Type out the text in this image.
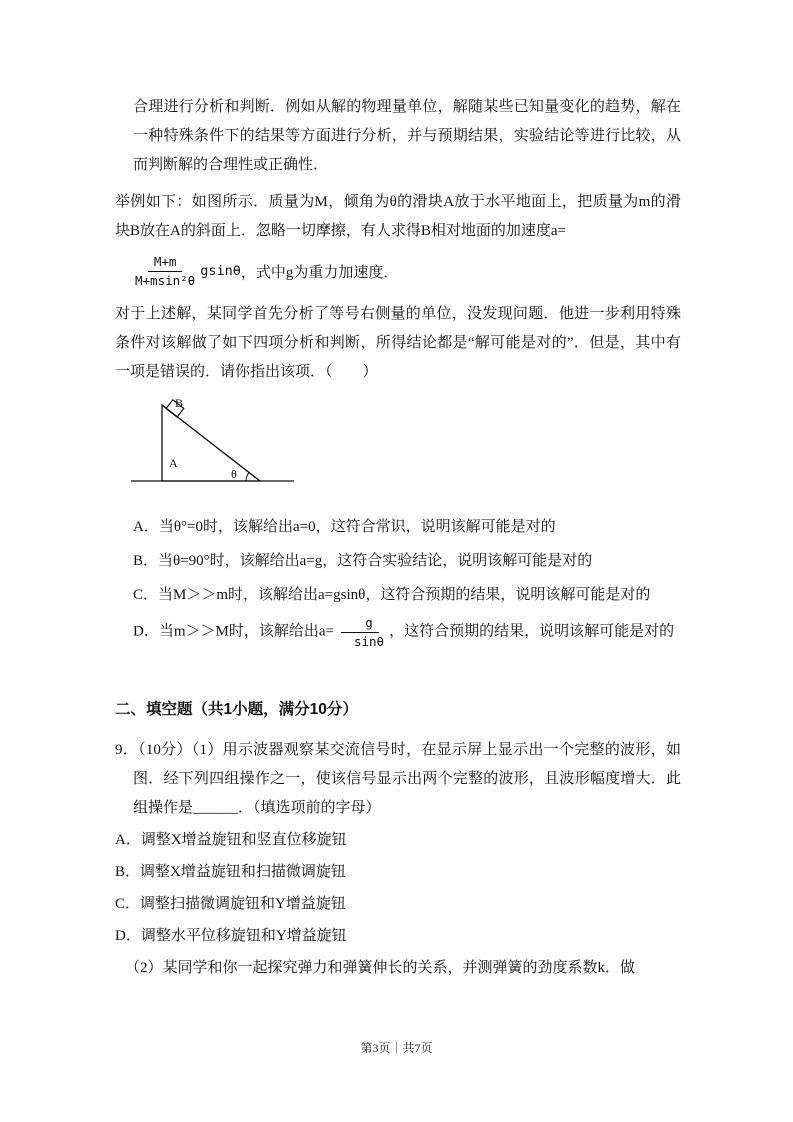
合理进行分析和判断．例如从解的物理量单位，解随某些已知量变化的趋势，解在一种特殊条件下的结果等方面进行分析，并与预期结果，实验结论等进行比较，从而判断解的合理性或正确性．

举例如下：如图所示．质量为M，倾角为θ的滑块A放于水平地面上，把质量为m的滑块B放在A的斜面上．忽略一切摩擦，有人求得B相对地面的加速度a=

$\frac{M+m}{\text{M+msin²θ}}$ gsinθ ，式中g为重力加速度．

对于上述解，某同学首先分析了等号右侧量的单位，没发现问题．他进一步利用特殊条件对该解做了如下四项分析和判断，所得结论都是“解可能是对的”．但是，其中有一项是错误的．请你指出该项．（　　）

B
A
θ

A．当θ°=0时，该解给出a=0，这符合常识，说明该解可能是对的

B．当θ=90°时，该解给出a=g，这符合实验结论，说明该解可能是对的

C．当M＞＞m时，该解给出a=gsinθ，这符合预期的结果，说明该解可能是对的

D．当m＞＞M时，该解给出$a= \frac{g}{\sin\theta}$ ，这符合预期的结果，说明该解可能是对的

二、填空题（共1小题，满分10分）

9．（10分）（1）用示波器观察某交流信号时，在显示屏上显示出一个完整的波形，如图．经下列四组操作之一，使该信号显示出两个完整的波形，且波形幅度增大．此组操作是______．（填选项前的字母）

A．调整X增益旋钮和竖直位移旋钮

B．调整X增益旋钮和扫描微调旋钮

C．调整扫描微调旋钮和Y增益旋钮

D．调整水平位移旋钮和Y增益旋钮

（2）某同学和你一起探究弹力和弹簧伸长的关系，并测弹簧的劲度系数k．做

第3页｜共7页
